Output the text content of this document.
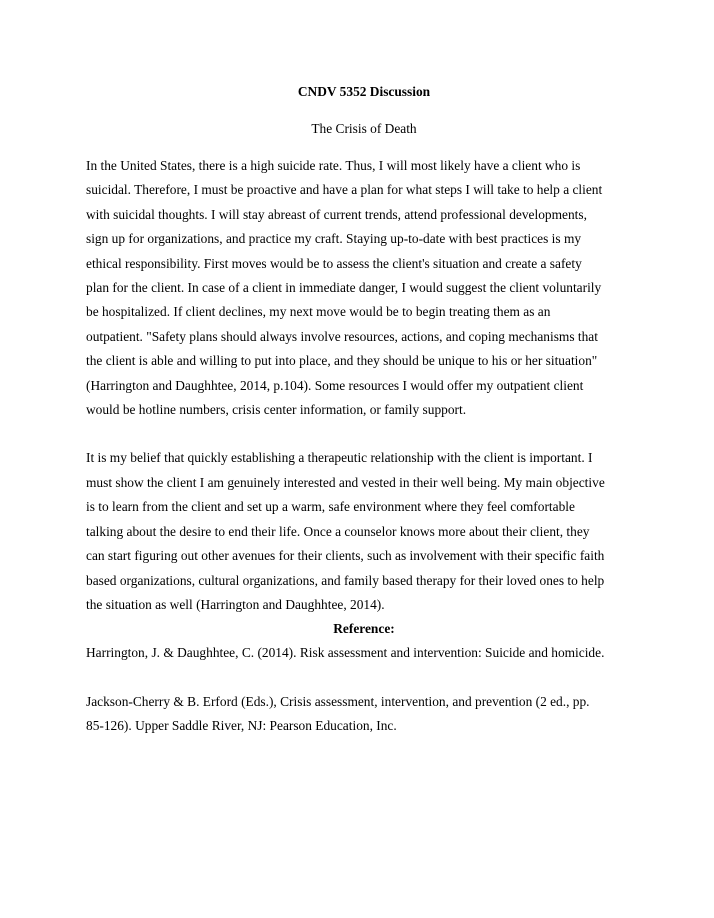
CNDV 5352 Discussion

The Crisis of Death

In the United States, there is a high suicide rate. Thus, I will most likely have a client who is
suicidal. Therefore, I must be proactive and have a plan for what steps I will take to help a client
with suicidal thoughts. I will stay abreast of current trends, attend professional developments,
sign up for organizations, and practice my craft. Staying up-to-date with best practices is my
ethical responsibility. First moves would be to assess the client's situation and create a safety
plan for the client. In case of a client in immediate danger, I would suggest the client voluntarily
be hospitalized. If client declines, my next move would be to begin treating them as an
outpatient. "Safety plans should always involve resources, actions, and coping mechanisms that
the client is able and willing to put into place, and they should be unique to his or her situation"
(Harrington and Daughhtee, 2014, p.104). Some resources I would offer my outpatient client
would be hotline numbers, crisis center information, or family support.
It is my belief that quickly establishing a therapeutic relationship with the client is important. I
must show the client I am genuinely interested and vested in their well being. My main objective
is to learn from the client and set up a warm, safe environment where they feel comfortable
talking about the desire to end their life. Once a counselor knows more about their client, they
can start figuring out other avenues for their clients, such as involvement with their specific faith
based organizations, cultural organizations, and family based therapy for their loved ones to help
the situation as well (Harrington and Daughhtee, 2014).

Reference:

Harrington, J. & Daughhtee, C. (2014). Risk assessment and intervention: Suicide and homicide.

Jackson-Cherry & B. Erford (Eds.), Crisis assessment, intervention, and prevention (2 ed., pp.
85-126). Upper Saddle River, NJ: Pearson Education, Inc.
